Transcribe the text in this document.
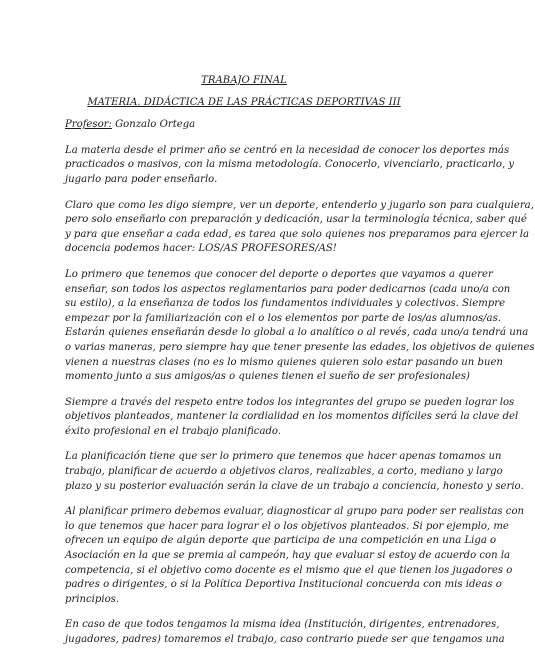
TRABAJO FINAL
MATERIA. DIDÁCTICA DE LAS PRÁCTICAS DEPORTIVAS III
Profesor: Gonzalo Ortega
La materia desde el primer año se centró en la necesidad de conocer los deportes más
practicados o masivos, con la misma metodología. Conocerlo, vivenciarlo, practicarlo, y
jugarlo para poder enseñarlo.
Claro que como les digo siempre, ver un deporte, entenderlo y jugarlo son para cualquiera,
pero solo enseñarlo con preparación y dedicación, usar la terminología técnica, saber qué
y para que enseñar a cada edad, es tarea que solo quienes nos preparamos para ejercer la
docencia podemos hacer: LOS/AS PROFESORES/AS!
Lo primero que tenemos que conocer del deporte o deportes que vayamos a querer
enseñar, son todos los aspectos reglamentarios para poder dedicarnos (cada uno/a con
su estilo), a la enseñanza de todos los fundamentos individuales y colectivos. Siempre
empezar por la familiarización con el o los elementos por parte de los/as alumnos/as.
Estarán quienes enseñarán desde lo global a lo analítico o al revés, cada uno/a tendrá una
o varias maneras, pero siempre hay que tener presente las edades, los objetivos de quienes
vienen a nuestras clases (no es lo mismo quienes quieren solo estar pasando un buen
momento junto a sus amigos/as o quienes tienen el sueño de ser profesionales)
Siempre a través del respeto entre todos los integrantes del grupo se pueden lograr los
objetivos planteados, mantener la cordialidad en los momentos difíciles será la clave del
éxito profesional en el trabajo planificado.
La planificación tiene que ser lo primero que tenemos que hacer apenas tomamos un
trabajo, planificar de acuerdo a objetivos claros, realizables, a corto, mediano y largo
plazo y su posterior evaluación serán la clave de un trabajo a conciencia, honesto y serio.
Al planificar primero debemos evaluar, diagnosticar al grupo para poder ser realistas con
lo que tenemos que hacer para lograr el o los objetivos planteados. Si por ejemplo, me
ofrecen un equipo de algún deporte que participa de una competición en una Liga o
Asociación en la que se premia al campeón, hay que evaluar si estoy de acuerdo con la
competencia, si el objetivo como docente es el mismo que el que tienen los jugadores o
padres o dirigentes, o si la Política Deportiva Institucional concuerda con mis ideas o
principios.
En caso de que todos tengamos la misma idea (Institución, dirigentes, entrenadores,
jugadores, padres) tomaremos el trabajo, caso contrario puede ser que tengamos una
